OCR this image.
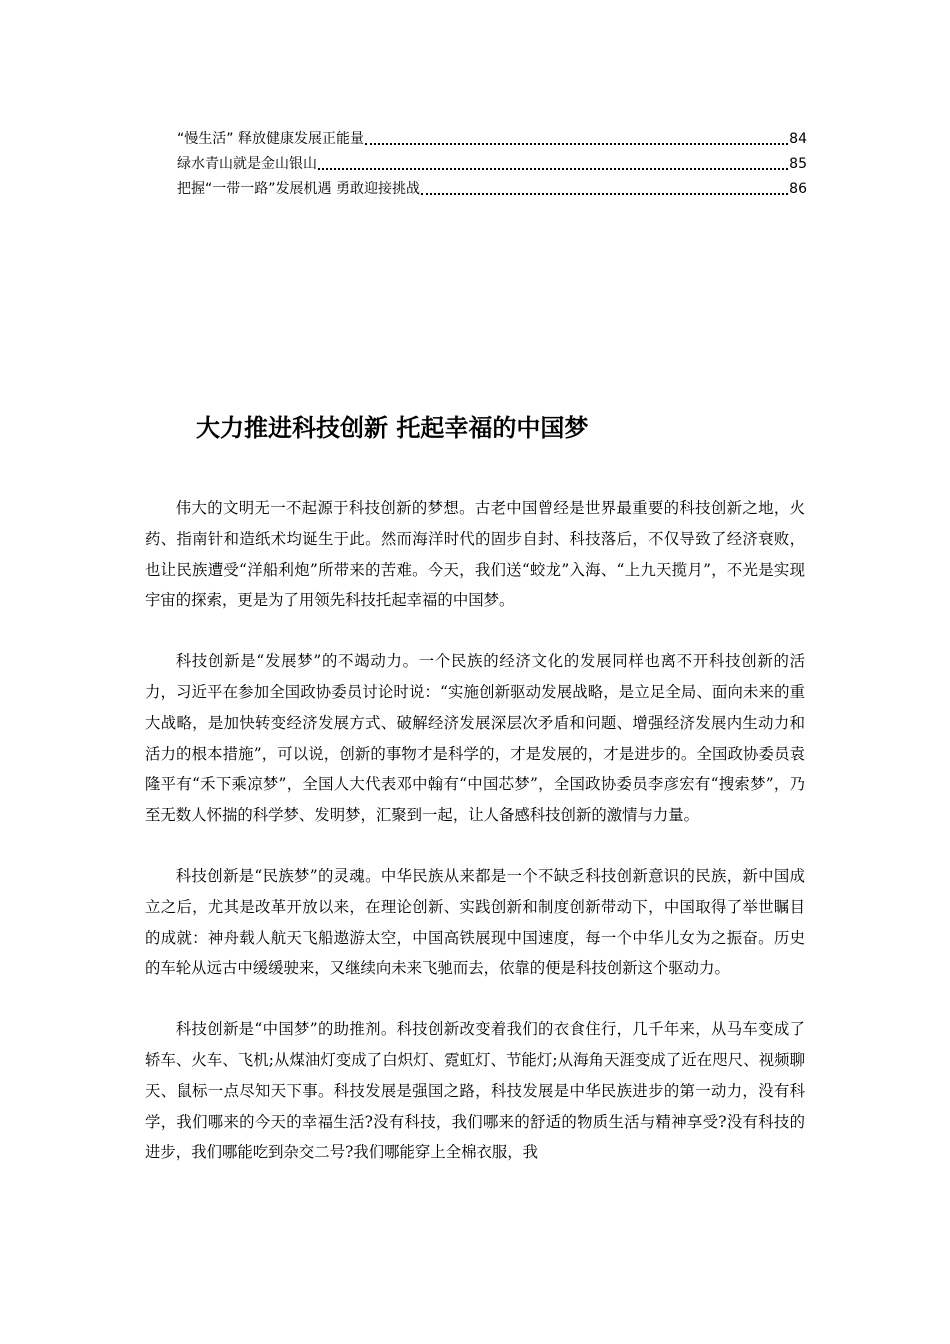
“慢生活” 释放健康发展正能量	84
绿水青山就是金山银山	85
把握“一带一路”发展机遇 勇敢迎接挑战	86
大力推进科技创新 托起幸福的中国梦

伟大的文明无一不起源于科技创新的梦想。古老中国曾经是世界最重要的科技创新之地，火药、指南针和造纸术均诞生于此。然而海洋时代的固步自封、科技落后，不仅导致了经济衰败，也让民族遭受“洋船利炮”所带来的苦难。今天，我们送“蛟龙”入海、“上九天揽月”，不光是实现宇宙的探索，更是为了用领先科技托起幸福的中国梦。

科技创新是“发展梦”的不竭动力。一个民族的经济文化的发展同样也离不开科技创新的活力，习近平在参加全国政协委员讨论时说：“实施创新驱动发展战略，是立足全局、面向未来的重大战略，是加快转变经济发展方式、破解经济发展深层次矛盾和问题、增强经济发展内生动力和活力的根本措施”，可以说，创新的事物才是科学的，才是发展的，才是进步的。全国政协委员袁隆平有“禾下乘凉梦”，全国人大代表邓中翰有“中国芯梦”，全国政协委员李彦宏有“搜索梦”，乃至无数人怀揣的科学梦、发明梦，汇聚到一起，让人备感科技创新的激情与力量。

科技创新是“民族梦”的灵魂。中华民族从来都是一个不缺乏科技创新意识的民族，新中国成立之后，尤其是改革开放以来，在理论创新、实践创新和制度创新带动下，中国取得了举世瞩目的成就：神舟载人航天飞船遨游太空，中国高铁展现中国速度，每一个中华儿女为之振奋。历史的车轮从远古中缓缓驶来，又继续向未来飞驰而去，依靠的便是科技创新这个驱动力。

科技创新是“中国梦”的助推剂。科技创新改变着我们的衣食住行，几千年来，从马车变成了轿车、火车、飞机;从煤油灯变成了白炽灯、霓虹灯、节能灯;从海角天涯变成了近在咫尺、视频聊天、鼠标一点尽知天下事。科技发展是强国之路，科技发展是中华民族进步的第一动力，没有科学，我们哪来的今天的幸福生活?没有科技，我们哪来的舒适的物质生活与精神享受?没有科技的进步，我们哪能吃到杂交二号?我们哪能穿上全棉衣服，我
